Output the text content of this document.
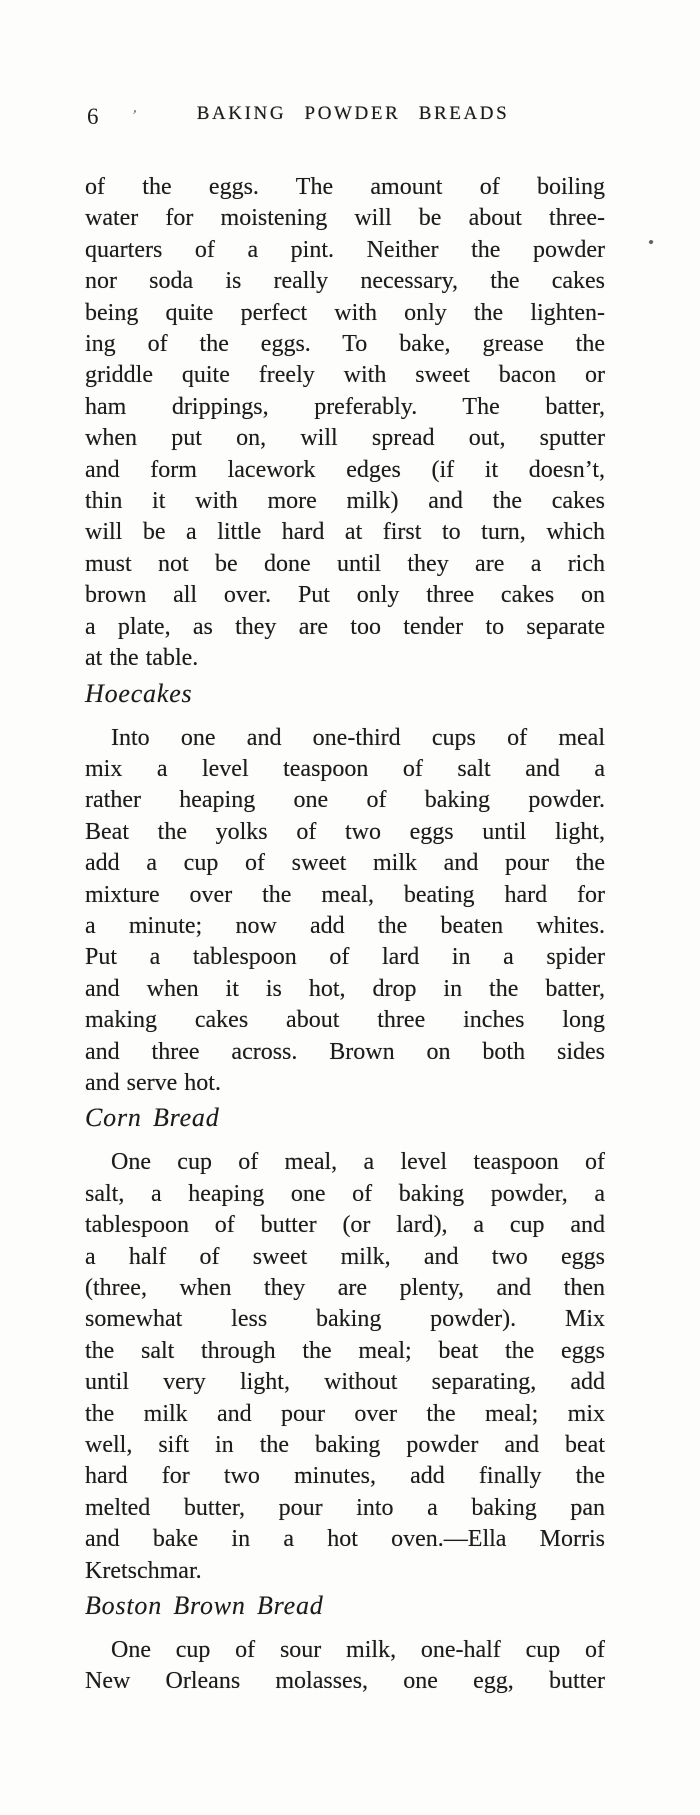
6 ’	BAKING POWDER BREADS
of the eggs. The amount of boiling
water for moistening will be about three-
quarters of a pint. Neither the powder
nor soda is really necessary, the cakes
being quite perfect with only the lighten-
ing of the eggs. To bake, grease the
griddle quite freely with sweet bacon or
ham drippings, preferably. The batter,
when put on, will spread out, sputter
and form lacework edges (if it doesn’t,
thin it with more milk) and the cakes
will be a little hard at first to turn, which
must not be done until they are a rich
brown all over. Put only three cakes on
a plate, as they are too tender to separate
at the table.
Hoecakes
Into one and one-third cups of meal
mix a level teaspoon of salt and a
rather heaping one of baking powder.
Beat the yolks of two eggs until light,
add a cup of sweet milk and pour the
mixture over the meal, beating hard for
a minute; now add the beaten whites.
Put a tablespoon of lard in a spider
and when it is hot, drop in the batter,
making cakes about three inches long
and three across. Brown on both sides
and serve hot.
Corn Bread
One cup of meal, a level teaspoon of
salt, a heaping one of baking powder, a
tablespoon of butter (or lard), a cup and
a half of sweet milk, and two eggs
(three, when they are plenty, and then
somewhat less baking powder). Mix
the salt through the meal; beat the eggs
until very light, without separating, add
the milk and pour over the meal; mix
well, sift in the baking powder and beat
hard for two minutes, add finally the
melted butter, pour into a baking pan
and bake in a hot oven.—Ella Morris
Kretschmar.
Boston Brown Bread
One cup of sour milk, one-half cup of
New Orleans molasses, one egg, butter
